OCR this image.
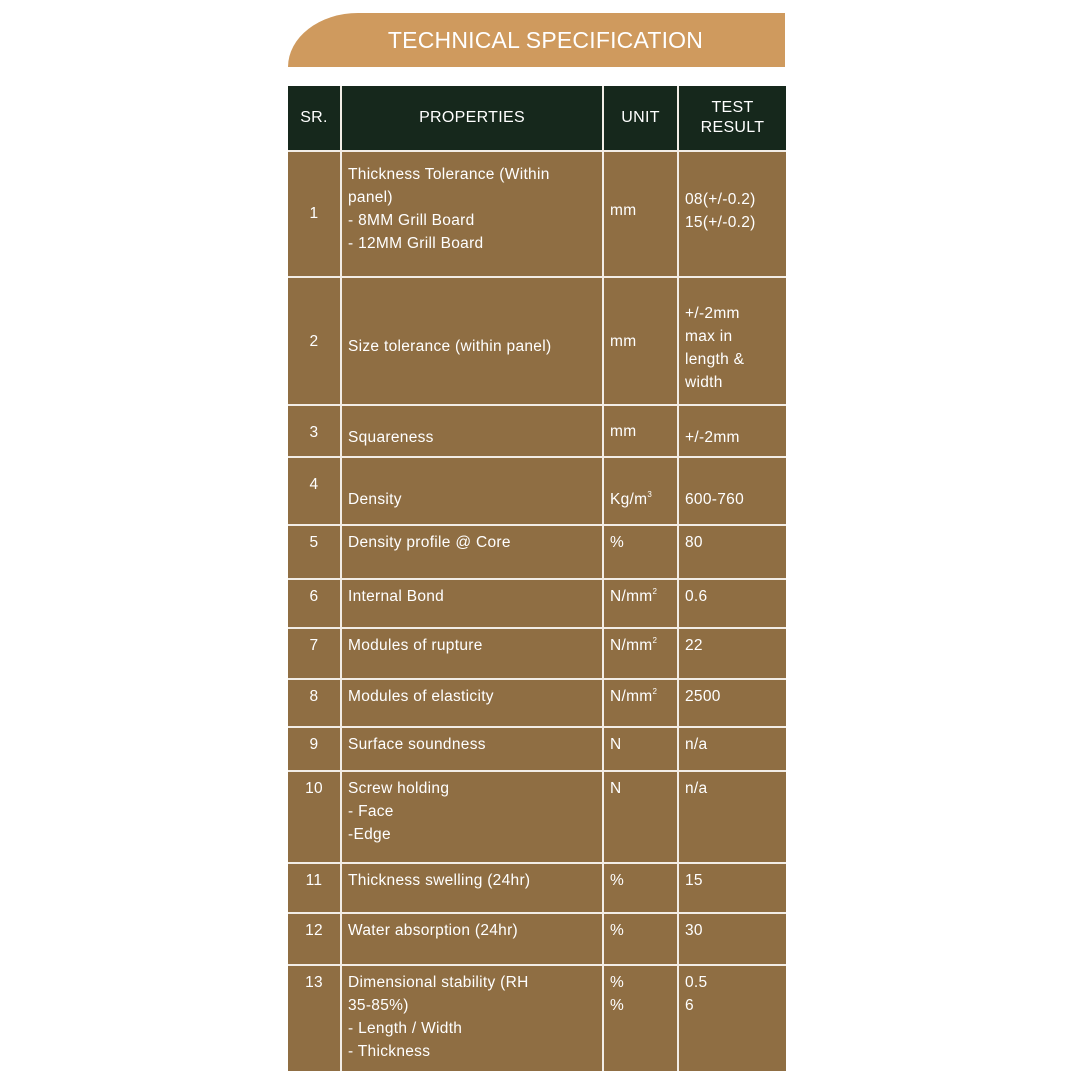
TECHNICAL SPECIFICATION
SR.	PROPERTIES	UNIT	TEST
RESULT

1	Thickness Tolerance (Within
panel)
- 8MM Grill Board
- 12MM Grill Board	mm	08(+/-0.2)
15(+/-0.2)

2	Size tolerance (within panel)	mm	+/-2mm
max in
length &
width

3	Squareness	mm	+/-2mm

4	Density	$Kg/m^3$	600-760

5	Density profile @ Core	%	80

6	Internal Bond	$N/mm^2$	0.6

7	Modules of rupture	$N/mm^2$	22

8	Modules of elasticity	$N/mm^2$	2500

9	Surface soundness	N	n/a

10	Screw holding
- Face
-Edge	N	n/a

11	Thickness swelling (24hr)	%	15

12	Water absorption (24hr)	%	30

13	Dimensional stability (RH
35-85%)
- Length / Width
- Thickness	%
%	0.5
6
